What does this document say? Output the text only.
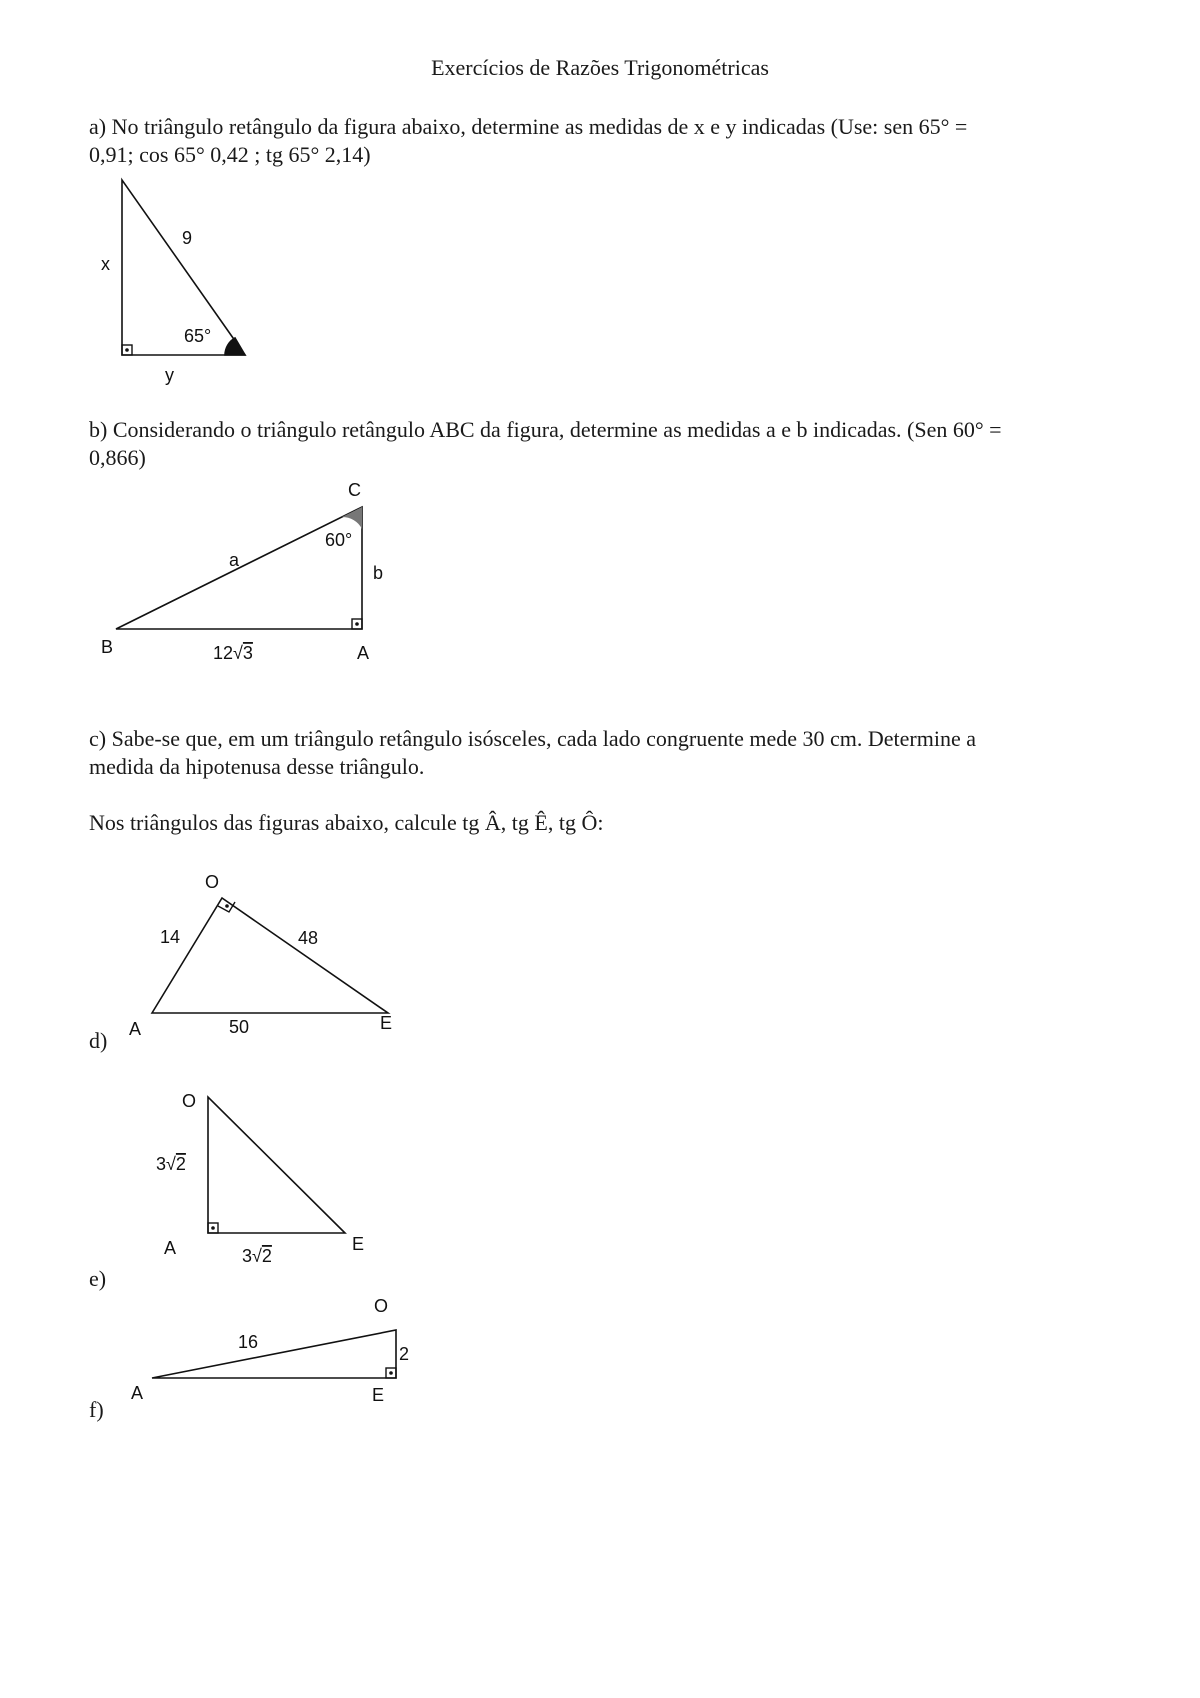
Exercícios de Razões Trigonométricas
a) No triângulo retângulo da figura abaixo, determine as medidas de x e y indicadas (Use: sen 65° =
0,91; cos 65° 0,42 ; tg 65° 2,14)
9
x
65°
y
b) Considerando o triângulo retângulo ABC da figura, determine as medidas a e b indicadas. (Sen 60° =
0,866)
C
60°
a
b
B	A
12√3
c) Sabe-se que, em um triângulo retângulo isósceles, cada lado congruente mede 30 cm. Determine a
medida da hipotenusa desse triângulo.
Nos triângulos das figuras abaixo, calcule tg Â, tg Ê, tg Ô:
O
14	48
A	50	E
d)
O
3√2
A	3√2
E
e)
O
16
2
A	E
f)
